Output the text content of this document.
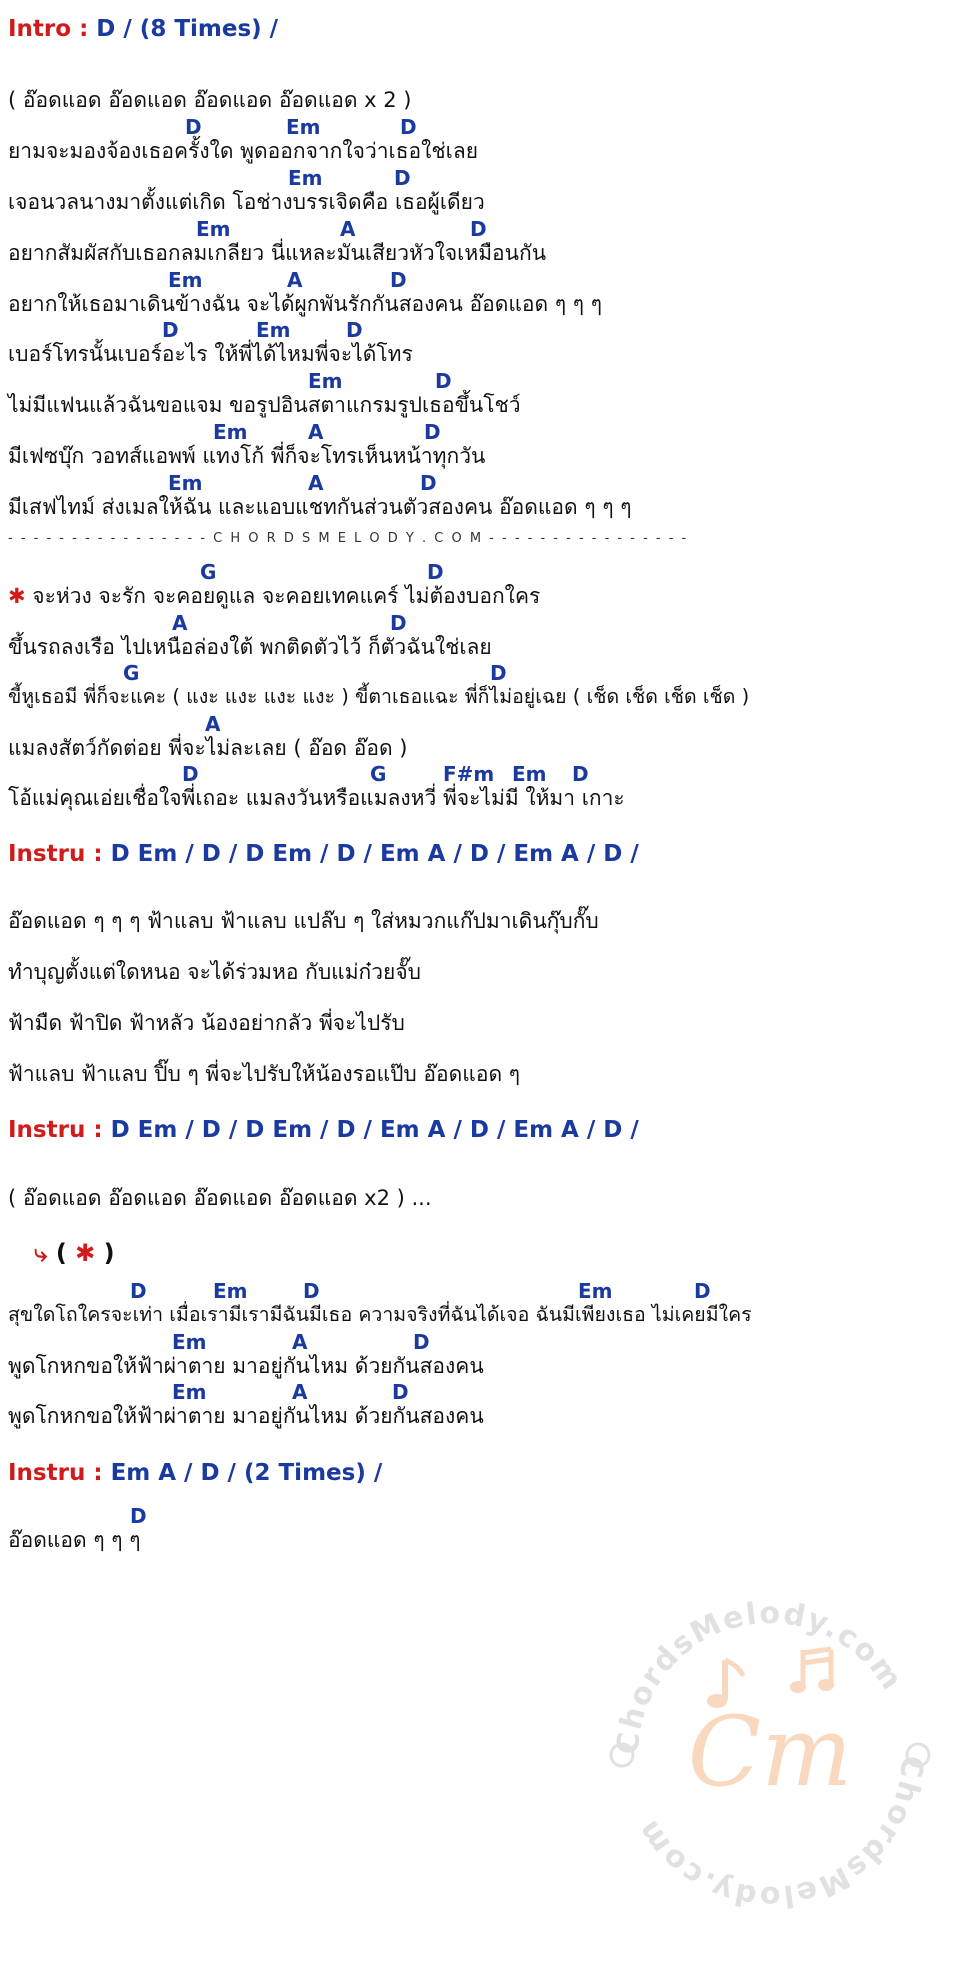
Intro : D / (8 Times) /
( อ๊อดแอด อ๊อดแอด อ๊อดแอด อ๊อดแอด x 2 )
D	Em	D
ยามจะมองจ้องเธอครั้งใด พูดออกจากใจว่าเธอใช่เลย
Em	D
เจอนวลนางมาตั้งแต่เกิด โอช่างบรรเจิดคือ เธอผู้เดียว
Em	A	D
อยากสัมผัสกับเธอกลมเกลียว นี่แหละมันเสียวหัวใจเหมือนกัน
Em	A	D
อยากให้เธอมาเดินข้างฉัน จะได้ผูกพันรักกันสองคน อ๊อดแอด ๆ ๆ ๆ
D	Em	D
เบอร์โทรนั้นเบอร์อะไร ให้พี่ได้ไหมพี่จะได้โทร
Em	D
ไม่มีแฟนแล้วฉันขอแจม ขอรูปอินสตาแกรมรูปเธอขึ้นโชว์
Em	A	D
มีเฟซบุ๊ก วอทส์แอพพ์ แทงโก้ พี่ก็จะโทรเห็นหน้าทุกวัน
Em	A	D
มีเสฟไทม์ ส่งเมลให้ฉัน และแอบแชทกันส่วนตัวสองคน อ๊อดแอด ๆ ๆ ๆ
- - - - - - - - - - - - - - - - C H O R D S M E L O D Y . C O M - - - - - - - - - - - - - - - -
G	D
✱ จะห่วง จะรัก จะคอยดูแล จะคอยเทคแคร์ ไม่ต้องบอกใคร
A	D
ขึ้นรถลงเรือ ไปเหนือล่องใต้ พกติดตัวไว้ ก็ตัวฉันใช่เลย
G	D
ขี้หูเธอมี พี่ก็จะแคะ ( แงะ แงะ แงะ แงะ ) ขี้ตาเธอแฉะ พี่ก็ไม่อยู่เฉย ( เช็ด เช็ด เช็ด เช็ด )
A
แมลงสัตว์กัดต่อย พี่จะไม่ละเลย ( อ๊อด อ๊อด )
D	G	F#m Em D
โอ้แม่คุณเอ่ยเชื่อใจพี่เถอะ แมลงวันหรือแมลงหวี่ พี่จะไม่มี ให้มา เกาะ
Instru : D Em / D / D Em / D / Em A / D / Em A / D /
อ๊อดแอด ๆ ๆ ๆ ฟ้าแลบ ฟ้าแลบ แปล๊บ ๆ ใส่หมวกแก๊ปมาเดินกุ๊บกั๊บ
ทำบุญตั้งแต่ใดหนอ จะได้ร่วมหอ กับแม่ก๋วยจั๊บ
ฟ้ามืด ฟ้าปิด ฟ้าหลัว น้องอย่ากลัว พี่จะไปรับ
ฟ้าแลบ ฟ้าแลบ ปิ๊บ ๆ พี่จะไปรับให้น้องรอแป๊บ อ๊อดแอด ๆ
Instru : D Em / D / D Em / D / Em A / D / Em A / D /
( อ๊อดแอด อ๊อดแอด อ๊อดแอด อ๊อดแอด x2 ) ...
⤷ ( ✱ )
D	Em	D	Em	D
สุขใดโถใครจะเท่า เมื่อเรามีเรามีฉันมีเธอ ความจริงที่ฉันได้เจอ ฉันมีเพียงเธอ ไม่เคยมีใคร
Em	A	D
พูดโกหกขอให้ฟ้าผ่าตาย มาอยู่กันไหม ด้วยกันสองคน
Em	A	D
พูดโกหกขอให้ฟ้าผ่าตาย มาอยู่กันไหม ด้วยกันสองคน
Instru : Em A / D / (2 Times) /
D
อ๊อดแอด ๆ ๆ ๆ
ChordsMelody.com
ChordsMelody.com
Cm
